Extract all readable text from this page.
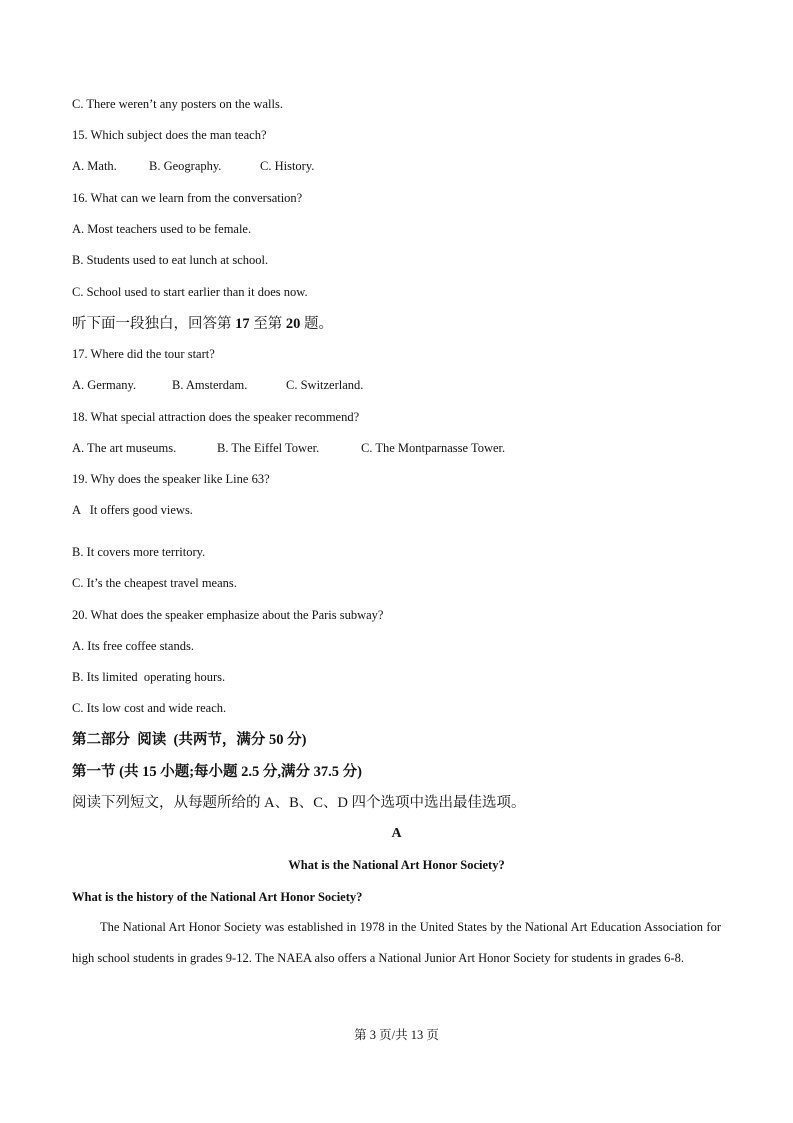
C. There weren’t any posters on the walls.
15. Which subject does the man teach?
A. Math.	B. Geography.	C. History.
16. What can we learn from the conversation?
A. Most teachers used to be female.
B. Students used to eat lunch at school.
C. School used to start earlier than it does now.
听下面一段独白，回答第 17 至第 20 题。
17. Where did the tour start?
A. Germany.	B. Amsterdam.	C. Switzerland.
18. What special attraction does the speaker recommend?
A. The art museums.	B. The Eiffel Tower.	C. The Montparnasse Tower.
19. Why does the speaker like Line 63?
A   It offers good views.
B. It covers more territory.
C. It’s the cheapest travel means.
20. What does the speaker emphasize about the Paris subway?
A. Its free coffee stands.
B. Its limited  operating hours.
C. Its low cost and wide reach.
第二部分  阅读  (共两节，满分 50 分)
第一节 (共 15 小题;每小题 2.5 分,满分 37.5 分)
阅读下列短文，从每题所给的 A、B、C、D 四个选项中选出最佳选项。
A
What is the National Art Honor Society?
What is the history of the National Art Honor Society?
The National Art Honor Society was established in 1978 in the United States by the National Art Education Association for high school students in grades 9-12. The NAEA also offers a National Junior Art Honor Society for students in grades 6-8.
第 3 页/共 13 页
